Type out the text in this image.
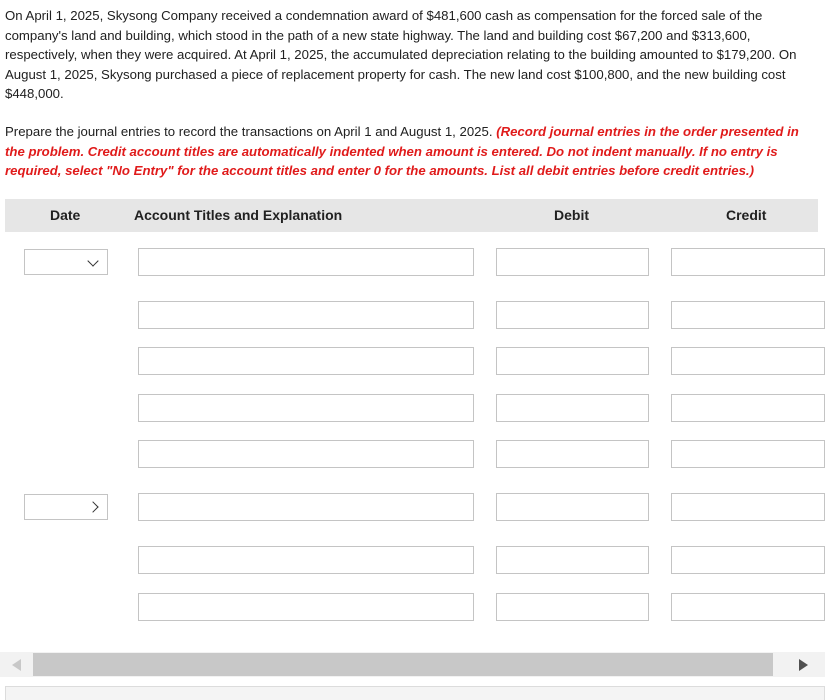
On April 1, 2025, Skysong Company received a condemnation award of $481,600 cash as compensation for the forced sale of the company's land and building, which stood in the path of a new state highway. The land and building cost $67,200 and $313,600, respectively, when they were acquired. At April 1, 2025, the accumulated depreciation relating to the building amounted to $179,200. On August 1, 2025, Skysong purchased a piece of replacement property for cash. The new land cost $100,800, and the new building cost $448,000.

Prepare the journal entries to record the transactions on April 1 and August 1, 2025. (Record journal entries in the order presented in the problem. Credit account titles are automatically indented when amount is entered. Do not indent manually. If no entry is required, select "No Entry" for the account titles and enter 0 for the amounts. List all debit entries before credit entries.)

Date	Account Titles and Explanation	Debit	Credit
